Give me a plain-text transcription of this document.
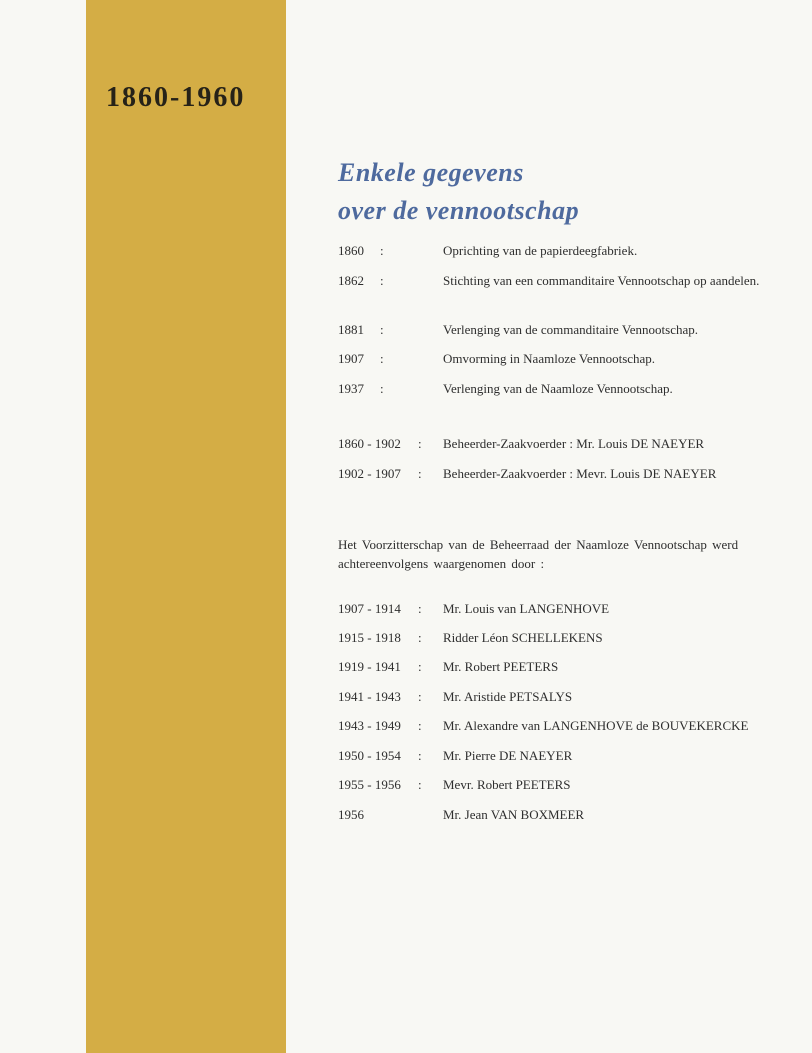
1860-1960
Enkele gegevens
over de vennootschap
1860 :	Oprichting van de papierdeegfabriek.
1862 :	Stichting van een commanditaire Vennootschap op aandelen.
1881 :	Verlenging van de commanditaire Vennootschap.
1907 :	Omvorming in Naamloze Vennootschap.
1937 :	Verlenging van de Naamloze Vennootschap.
1860 - 1902 : Beheerder-Zaakvoerder : Mr. Louis DE NAEYER
1902 - 1907 : Beheerder-Zaakvoerder : Mevr. Louis DE NAEYER
Het Voorzitterschap van de Beheerraad der Naamloze Vennootschap werd achtereenvolgens waargenomen door :
1907 - 1914 : Mr. Louis van LANGENHOVE
1915 - 1918 : Ridder Léon SCHELLEKENS
1919 - 1941 : Mr. Robert PEETERS
1941 - 1943 : Mr. Aristide PETSALYS
1943 - 1949 : Mr. Alexandre van LANGENHOVE de BOUVEKERCKE
1950 - 1954 : Mr. Pierre DE NAEYER
1955 - 1956 : Mevr. Robert PEETERS
1956	Mr. Jean VAN BOXMEER
